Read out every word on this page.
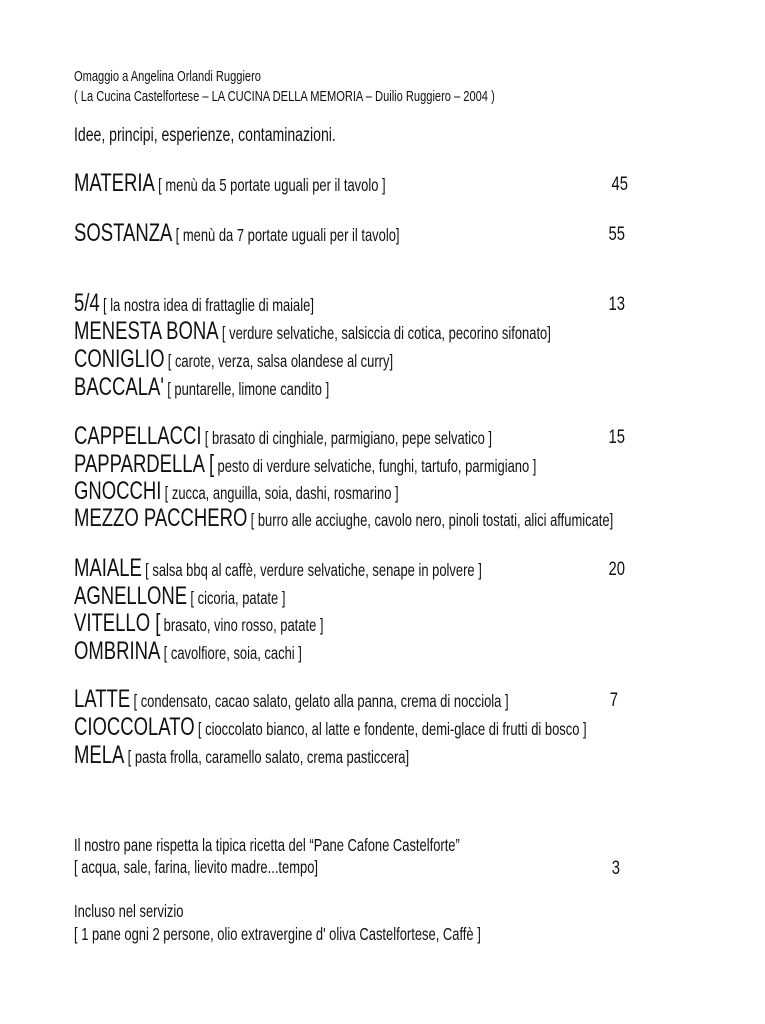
Omaggio a Angelina Orlandi Ruggiero
( La Cucina Castelfortese – LA CUCINA DELLA MEMORIA – Duilio Ruggiero – 2004 )
Idee, principi, esperienze, contaminazioni.
MATERIA [ menù da 5 portate uguali per il tavolo ]	45
SOSTANZA [ menù da 7 portate uguali per il tavolo]	55
5/4 [ la nostra idea di frattaglie di maiale]	13
MENESTA BONA [ verdure selvatiche, salsiccia di cotica, pecorino sifonato]
CONIGLIO [ carote, verza, salsa olandese al curry]
BACCALA' [ puntarelle, limone candito ]
CAPPELLACCI [ brasato di cinghiale, parmigiano, pepe selvatico ]	15
PAPPARDELLA [ pesto di verdure selvatiche, funghi, tartufo, parmigiano ]
GNOCCHI [ zucca, anguilla, soia, dashi, rosmarino ]
MEZZO PACCHERO [ burro alle acciughe, cavolo nero, pinoli tostati, alici affumicate]
MAIALE [ salsa bbq al caffè, verdure selvatiche, senape in polvere ]	20
AGNELLONE [ cicoria, patate ]
VITELLO [ brasato, vino rosso, patate ]
OMBRINA [ cavolfiore, soia, cachi ]
LATTE [ condensato, cacao salato, gelato alla panna, crema di nocciola ]	7
CIOCCOLATO [ cioccolato bianco, al latte e fondente, demi-glace di frutti di bosco ]
MELA [ pasta frolla, caramello salato, crema pasticcera]
Il nostro pane rispetta la tipica ricetta del “Pane Cafone Castelforte”
[ acqua, sale, farina, lievito madre...tempo]	3
Incluso nel servizio
[ 1 pane ogni 2 persone, olio extravergine d' oliva Castelfortese, Caffè ]
